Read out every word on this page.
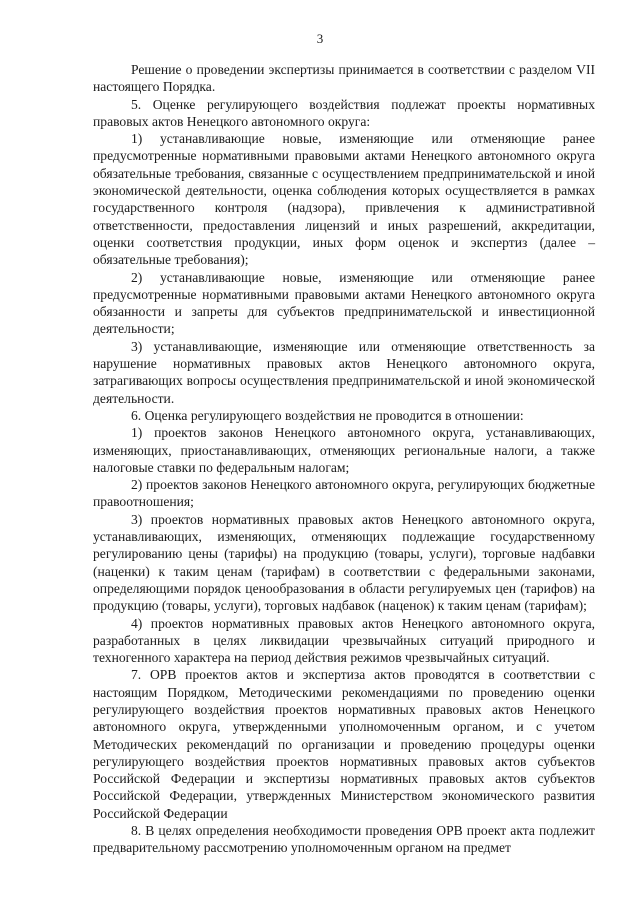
3

Решение о проведении экспертизы принимается в соответствии с разделом VII настоящего Порядка.

5. Оценке регулирующего воздействия подлежат проекты нормативных правовых актов Ненецкого автономного округа:

1) устанавливающие новые, изменяющие или отменяющие ранее предусмотренные нормативными правовыми актами Ненецкого автономного округа обязательные требования, связанные с осуществлением предпринимательской и иной экономической деятельности, оценка соблюдения которых осуществляется в рамках государственного контроля (надзора), привлечения к административной ответственности, предоставления лицензий и иных разрешений, аккредитации, оценки соответствия продукции, иных форм оценок и экспертиз (далее – обязательные требования);

2) устанавливающие новые, изменяющие или отменяющие ранее предусмотренные нормативными правовыми актами Ненецкого автономного округа обязанности и запреты для субъектов предпринимательской и инвестиционной деятельности;

3) устанавливающие, изменяющие или отменяющие ответственность за нарушение нормативных правовых актов Ненецкого автономного округа, затрагивающих вопросы осуществления предпринимательской и иной экономической деятельности.

6. Оценка регулирующего воздействия не проводится в отношении:

1) проектов законов Ненецкого автономного округа, устанавливающих, изменяющих, приостанавливающих, отменяющих региональные налоги, а также налоговые ставки по федеральным налогам;

2) проектов законов Ненецкого автономного округа, регулирующих бюджетные правоотношения;

3) проектов нормативных правовых актов Ненецкого автономного округа, устанавливающих, изменяющих, отменяющих подлежащие государственному регулированию цены (тарифы) на продукцию (товары, услуги), торговые надбавки (наценки) к таким ценам (тарифам) в соответствии с федеральными законами, определяющими порядок ценообразования в области регулируемых цен (тарифов) на продукцию (товары, услуги), торговых надбавок (наценок) к таким ценам (тарифам);

4) проектов нормативных правовых актов Ненецкого автономного округа, разработанных в целях ликвидации чрезвычайных ситуаций природного и техногенного характера на период действия режимов чрезвычайных ситуаций.

7. ОРВ проектов актов и экспертиза актов проводятся в соответствии с настоящим Порядком, Методическими рекомендациями по проведению оценки регулирующего воздействия проектов нормативных правовых актов Ненецкого автономного округа, утвержденными уполномоченным органом, и с учетом Методических рекомендаций по организации и проведению процедуры оценки регулирующего воздействия проектов нормативных правовых актов субъектов Российской Федерации и экспертизы нормативных правовых актов субъектов Российской Федерации, утвержденных Министерством экономического развития Российской Федерации

8. В целях определения необходимости проведения ОРВ проект акта подлежит предварительному рассмотрению уполномоченным органом на предмет
